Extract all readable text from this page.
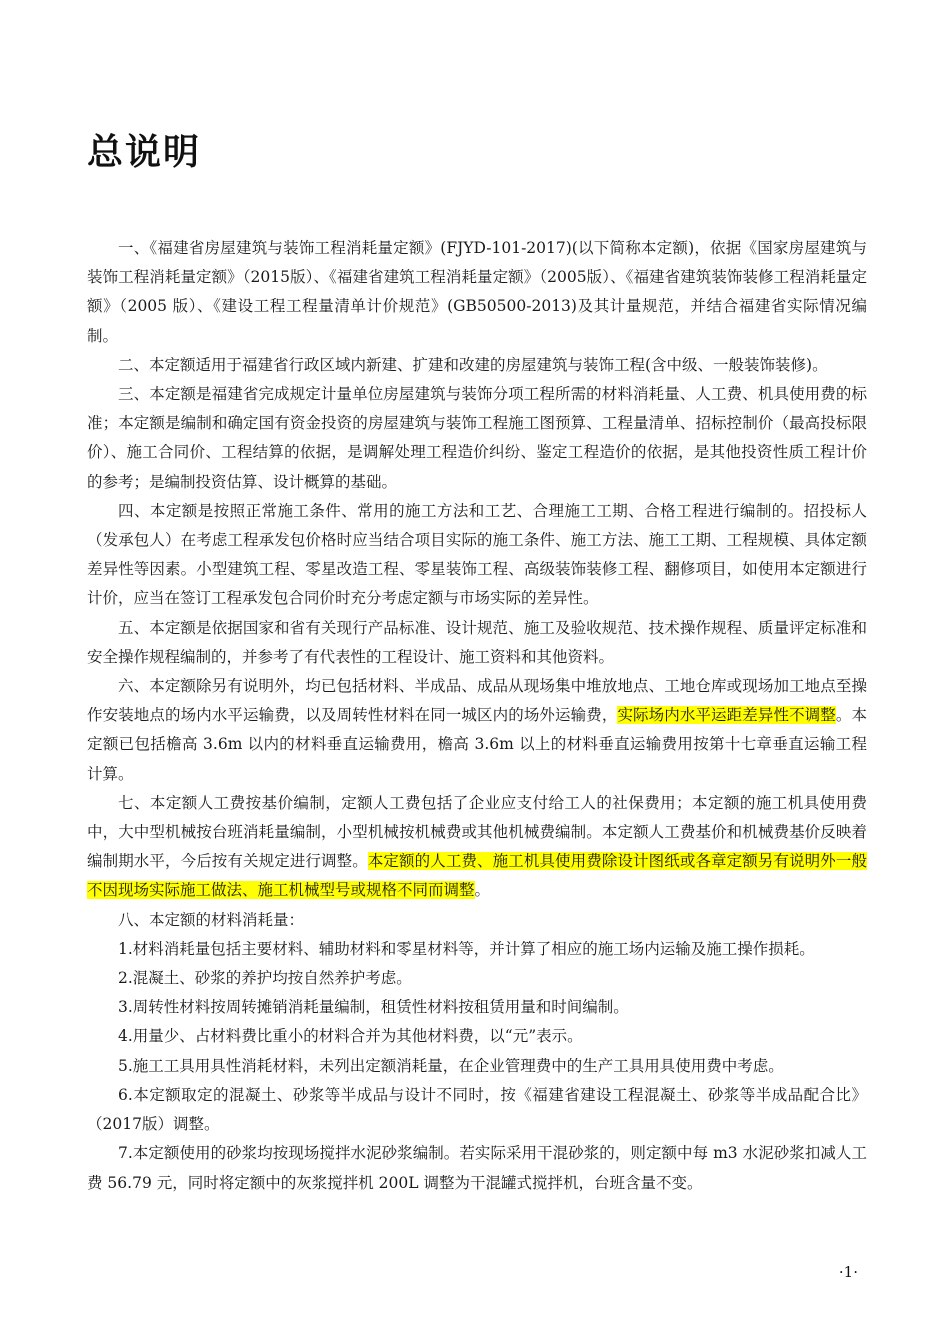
总说明

一、《福建省房屋建筑与装饰工程消耗量定额》(FJYD-101-2017)(以下简称本定额)，依据《国家房屋建筑与装饰工程消耗量定额》（2015版）、《福建省建筑工程消耗量定额》（2005版）、《福建省建筑装饰装修工程消耗量定额》（2005 版）、《建设工程工程量清单计价规范》(GB50500-2013)及其计量规范，并结合福建省实际情况编制。

二、本定额适用于福建省行政区域内新建、扩建和改建的房屋建筑与装饰工程(含中级、一般装饰装修)。

三、本定额是福建省完成规定计量单位房屋建筑与装饰分项工程所需的材料消耗量、人工费、机具使用费的标准；本定额是编制和确定国有资金投资的房屋建筑与装饰工程施工图预算、工程量清单、招标控制价（最高投标限价）、施工合同价、工程结算的依据，是调解处理工程造价纠纷、鉴定工程造价的依据，是其他投资性质工程计价的参考；是编制投资估算、设计概算的基础。

四、本定额是按照正常施工条件、常用的施工方法和工艺、合理施工工期、合格工程进行编制的。招投标人（发承包人）在考虑工程承发包价格时应当结合项目实际的施工条件、施工方法、施工工期、工程规模、具体定额差异性等因素。小型建筑工程、零星改造工程、零星装饰工程、高级装饰装修工程、翻修项目，如使用本定额进行计价，应当在签订工程承发包合同价时充分考虑定额与市场实际的差异性。

五、本定额是依据国家和省有关现行产品标准、设计规范、施工及验收规范、技术操作规程、质量评定标准和安全操作规程编制的，并参考了有代表性的工程设计、施工资料和其他资料。

六、本定额除另有说明外，均已包括材料、半成品、成品从现场集中堆放地点、工地仓库或现场加工地点至操作安装地点的场内水平运输费，以及周转性材料在同一城区内的场外运输费，实际场内水平运距差异性不调整。本定额已包括檐高 3.6m 以内的材料垂直运输费用，檐高 3.6m 以上的材料垂直运输费用按第十七章垂直运输工程计算。

七、本定额人工费按基价编制，定额人工费包括了企业应支付给工人的社保费用；本定额的施工机具使用费中，大中型机械按台班消耗量编制，小型机械按机械费或其他机械费编制。本定额人工费基价和机械费基价反映着编制期水平，今后按有关规定进行调整。本定额的人工费、施工机具使用费除设计图纸或各章定额另有说明外一般不因现场实际施工做法、施工机械型号或规格不同而调整。

八、本定额的材料消耗量：

1.材料消耗量包括主要材料、辅助材料和零星材料等，并计算了相应的施工场内运输及施工操作损耗。

2.混凝土、砂浆的养护均按自然养护考虑。

3.周转性材料按周转摊销消耗量编制，租赁性材料按租赁用量和时间编制。

4.用量少、占材料费比重小的材料合并为其他材料费，以“元”表示。

5.施工工具用具性消耗材料，未列出定额消耗量，在企业管理费中的生产工具用具使用费中考虑。

6.本定额取定的混凝土、砂浆等半成品与设计不同时，按《福建省建设工程混凝土、砂浆等半成品配合比》（2017版）调整。

7.本定额使用的砂浆均按现场搅拌水泥砂浆编制。若实际采用干混砂浆的，则定额中每 m3 水泥砂浆扣减人工费 56.79 元，同时将定额中的灰浆搅拌机 200L 调整为干混罐式搅拌机，台班含量不变。

·1·
